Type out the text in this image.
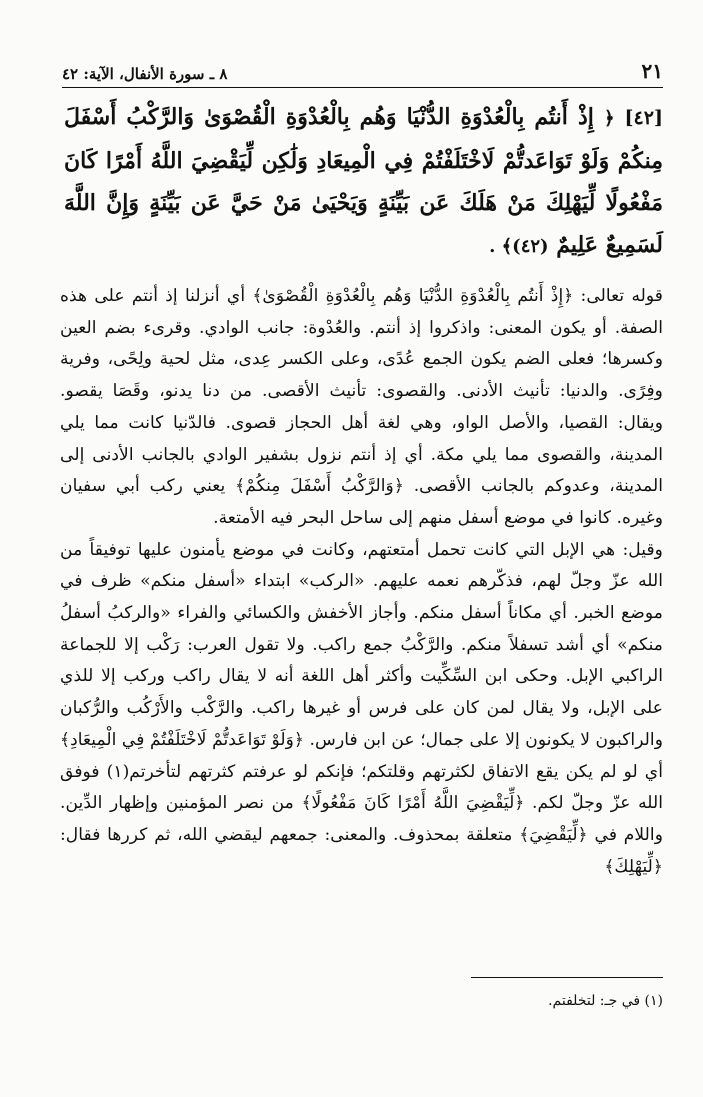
٢١
٨ ـ سورة الأنفال، الآية: ٤٢
[٤٢] ﴿ إِذْ أَنتُم بِالْعُدْوَةِ الدُّنْيَا وَهُم بِالْعُدْوَةِ الْقُصْوَىٰ وَالرَّكْبُ أَسْفَلَ مِنكُمْ وَلَوْ تَوَاعَدتُّمْ لَاخْتَلَفْتُمْ فِي الْمِيعَادِ وَلَٰكِن لِّيَقْضِيَ اللَّهُ أَمْرًا كَانَ مَفْعُولًا لِّيَهْلِكَ مَنْ هَلَكَ عَن بَيِّنَةٍ وَيَحْيَىٰ مَنْ حَيَّ عَن بَيِّنَةٍ وَإِنَّ اللَّهَ لَسَمِيعٌ عَلِيمٌ (٤٢)﴾ .
قوله تعالى: ﴿إِذْ أَنتُم بِالْعُدْوَةِ الدُّنْيَا وَهُم بِالْعُدْوَةِ الْقُصْوَىٰ﴾ أي أنزلنا إذ أنتم على هذه الصفة. أو يكون المعنى: واذكروا إذ أنتم. والعُدْوة: جانب الوادي. وقرىء بضم العين وكسرها؛ فعلى الضم يكون الجمع عُدًى، وعلى الكسر عِدى، مثل لحية ولِحًى، وفرية وفِرًى. والدنيا: تأنيث الأدنى. والقصوى: تأنيث الأقصى. من دنا يدنو، وقَصَا يقصو. ويقال: القصيا، والأصل الواو، وهي لغة أهل الحجاز قصوى. فالدّنيا كانت مما يلي المدينة، والقصوى مما يلي مكة. أي إذ أنتم نزول بشفير الوادي بالجانب الأدنى إلى المدينة، وعدوكم بالجانب الأقصى. ﴿وَالرَّكْبُ أَسْفَلَ مِنكُمْ﴾ يعني ركب أبي سفيان وغيره. كانوا في موضع أسفل منهم إلى ساحل البحر فيه الأمتعة.
وقيل: هي الإبل التي كانت تحمل أمتعتهم، وكانت في موضع يأمنون عليها توفيقاً من الله عزّ وجلّ لهم، فذكّرهم نعمه عليهم. «الركب» ابتداء «أسفل منكم» ظرف في موضع الخبر. أي مكاناً أسفل منكم. وأجاز الأخفش والكسائي والفراء «والركبُ أسفلُ منكم» أي أشد تسفلاً منكم. والرَّكْبُ جمع راكب. ولا تقول العرب: رَكْب إلا للجماعة الراكبي الإبل. وحكى ابن السِّكِّيت وأكثر أهل اللغة أنه لا يقال راكب وركب إلا للذي على الإبل، ولا يقال لمن كان على فرس أو غيرها راكب. والرَّكْب والأَرْكُب والرُّكبان والراكبون لا يكونون إلا على جمال؛ عن ابن فارس. ﴿وَلَوْ تَوَاعَدتُّمْ لَاخْتَلَفْتُمْ فِي الْمِيعَادِ﴾ أي لو لم يكن يقع الاتفاق لكثرتهم وقلتكم؛ فإنكم لو عرفتم كثرتهم لتأخرتم(١) فوفق الله عزّ وجلّ لكم. ﴿لِّيَقْضِيَ اللَّهُ أَمْرًا كَانَ مَفْعُولًا﴾ من نصر المؤمنين وإظهار الدِّين. واللام في ﴿لِّيَقْضِيَ﴾ متعلقة بمحذوف. والمعنى: جمعهم ليقضي الله، ثم كررها فقال: ﴿لِّيَهْلِكَ﴾
(١) في جـ: لتخلفتم.
